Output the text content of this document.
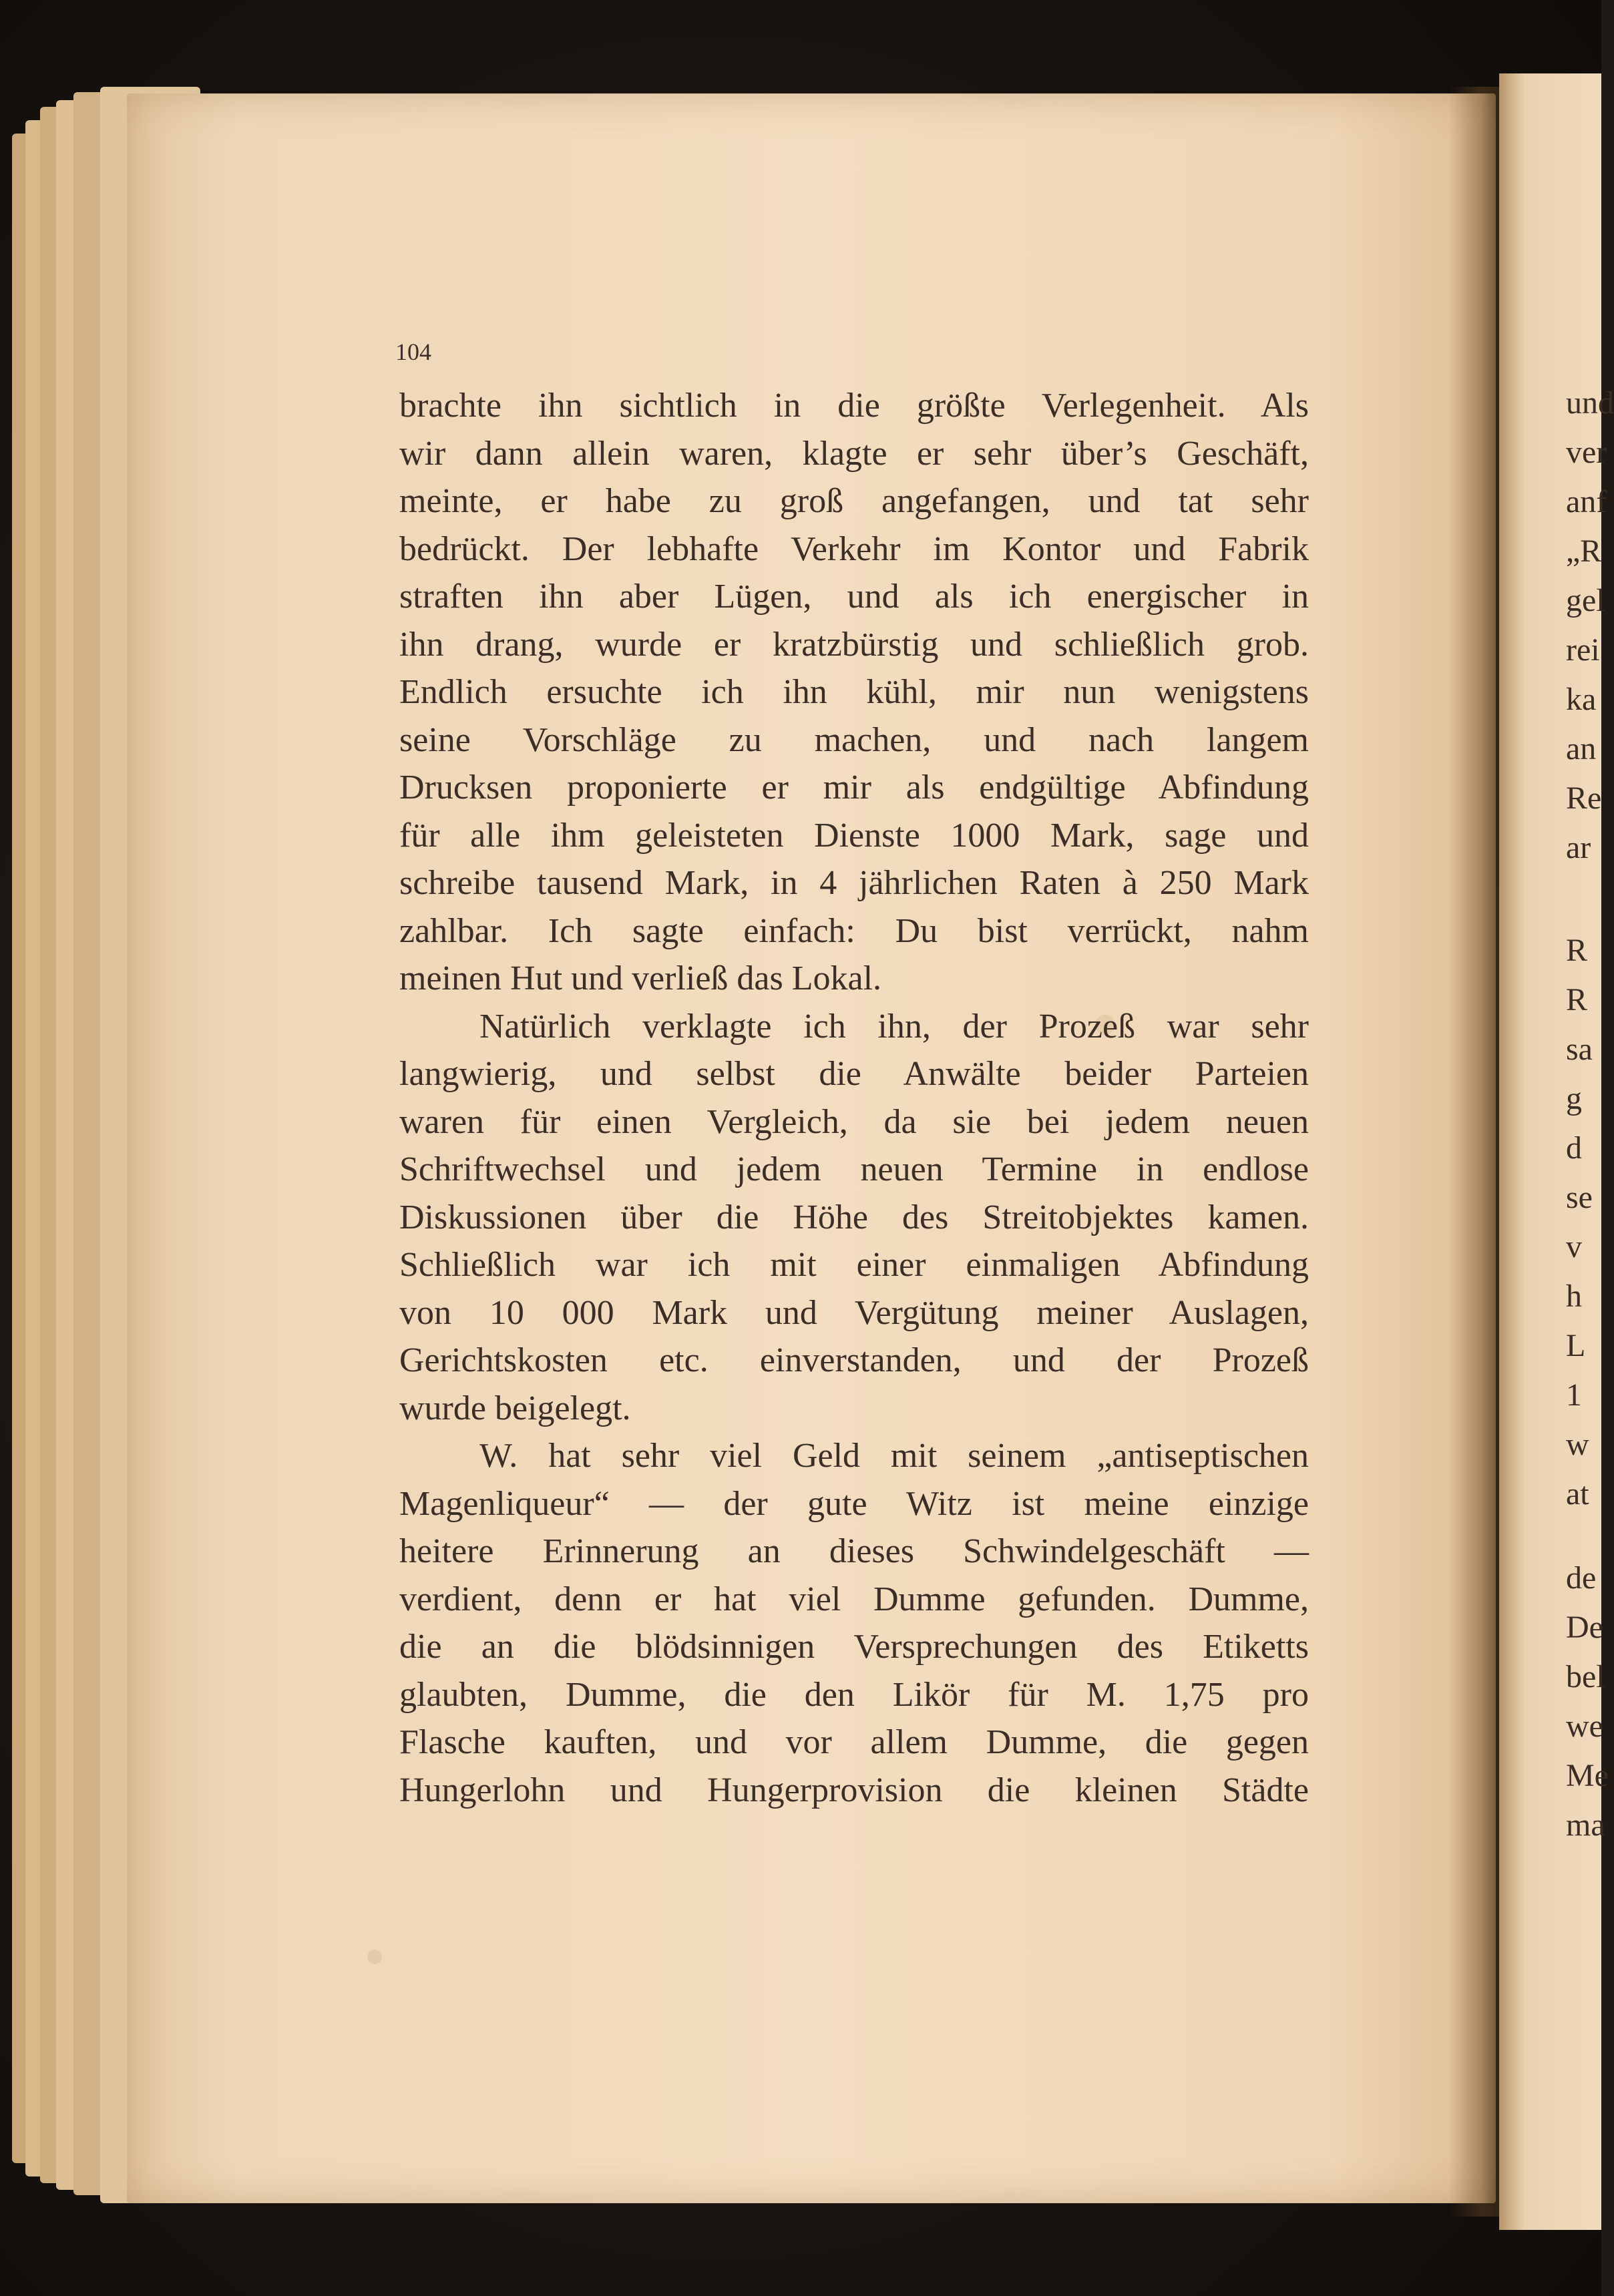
und
ver
anf
„R
gel
rei
ka
an
Re
ar
R
R
sa
g
d
se
v
h
L
1
w
at
de
De
bel
we
Me
ma
104
brachte ihn sichtlich in die größte Verlegenheit. Als
wir dann allein waren, klagte er sehr über’s Geschäft,
meinte, er habe zu groß angefangen, und tat sehr
bedrückt. Der lebhafte Verkehr im Kontor und Fabrik
straften ihn aber Lügen, und als ich energischer in
ihn drang, wurde er kratzbürstig und schließlich grob.
Endlich ersuchte ich ihn kühl, mir nun wenigstens
seine Vorschläge zu machen, und nach langem
Drucksen proponierte er mir als endgültige Abfindung
für alle ihm geleisteten Dienste 1000 Mark, sage und
schreibe tausend Mark, in 4 jährlichen Raten à 250 Mark
zahlbar. Ich sagte einfach: Du bist verrückt, nahm
meinen Hut und verließ das Lokal.
Natürlich verklagte ich ihn, der Prozeß war sehr
langwierig, und selbst die Anwälte beider Parteien
waren für einen Vergleich, da sie bei jedem neuen
Schriftwechsel und jedem neuen Termine in endlose
Diskussionen über die Höhe des Streitobjektes kamen.
Schließlich war ich mit einer einmaligen Abfindung
von 10 000 Mark und Vergütung meiner Auslagen,
Gerichtskosten etc. einverstanden, und der Prozeß
wurde beigelegt.
W. hat sehr viel Geld mit seinem „antiseptischen
Magenliqueur“ — der gute Witz ist meine einzige
heitere Erinnerung an dieses Schwindelgeschäft —
verdient, denn er hat viel Dumme gefunden. Dumme,
die an die blödsinnigen Versprechungen des Etiketts
glaubten, Dumme, die den Likör für M. 1,75 pro
Flasche kauften, und vor allem Dumme, die gegen
Hungerlohn und Hungerprovision die kleinen Städte
